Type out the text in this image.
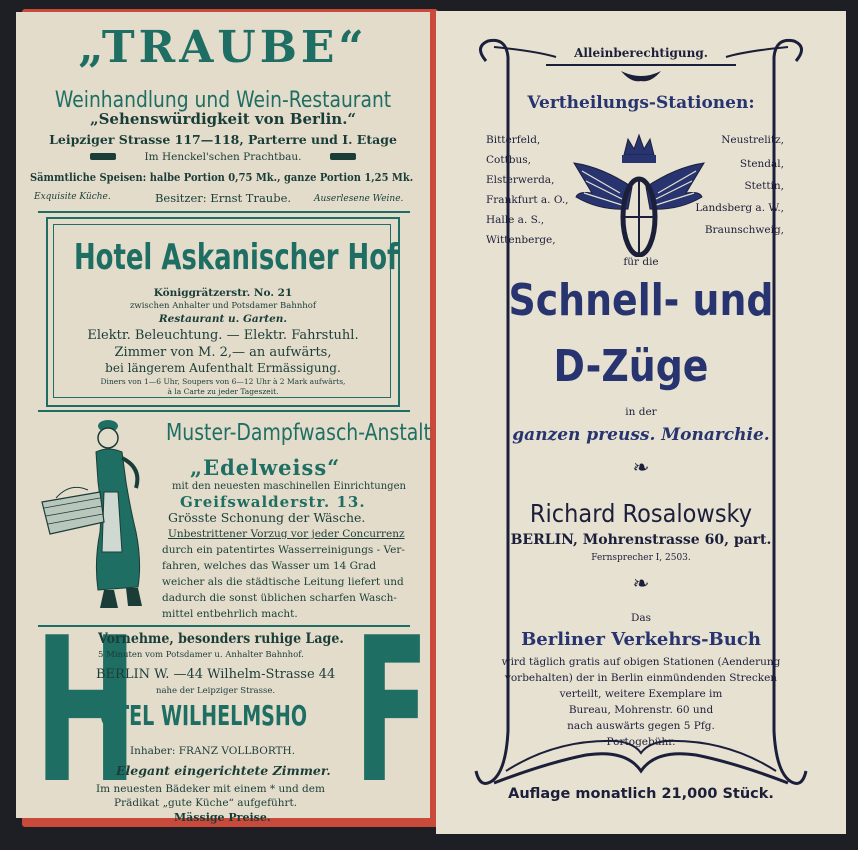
„TRAUBE“

Weinhandlung und Wein-Restaurant

„Sehenswürdigkeit von Berlin.“

Leipziger Strasse 117—118, Parterre und I. Etage

Im Henckel'schen Prachtbau.

Sämmtliche Speisen: halbe Portion 0,75 Mk., ganze Portion 1,25 Mk.

Exquisite Küche.	Besitzer: Ernst Traube.	Auserlesene Weine.

Hotel Askanischer Hof

Königgrätzerstr. No. 21

zwischen Anhalter und Potsdamer Bahnhof

Restaurant u. Garten.

Elektr. Beleuchtung. — Elektr. Fahrstuhl.

Zimmer von M. 2,— an aufwärts,

bei längerem Aufenthalt Ermässigung.

Diners von 1—6 Uhr, Soupers von 6—12 Uhr à 2 Mark aufwärts,

à la Carte zu jeder Tageszeit.

Muster-Dampfwasch-Anstalt

„Edelweiss“

mit den neuesten maschinellen Einrichtungen

Greifswalderstr. 13.

Grösste Schonung der Wäsche.

Unbestrittener Vorzug vor jeder Concurrenz

durch ein patentirtes Wasserreinigungs - Ver-

fahren, welches das Wasser um 14 Grad

weicher als die städtische Leitung liefert und

dadurch die sonst üblichen scharfen Wasch-

mittel entbehrlich macht.

H F

Vornehme, besonders ruhige Lage.

5 Minuten vom Potsdamer u. Anhalter Bahnhof.

BERLIN W. —44 Wilhelm-Strasse 44

nahe der Leipziger Strasse.

OTEL WILHELMSHO

Inhaber: FRANZ VOLLBORTH.

Elegant eingerichtete Zimmer.

Im neuesten Bädeker mit einem * und dem

Prädikat „gute Küche“ aufgeführt.

Mässige Preise.

Alleinberechtigung.

Vertheilungs-Stationen:

Bitterfeld,

Cottbus,

Elsterwerda,

Frankfurt a. O.,

Halle a. S.,

Wittenberge,

Neustrelitz,

Stendal,

Stettin,

Landsberg a. W.,

Braunschweig,

für die

Schnell- und

D-Züge

in der

ganzen preuss. Monarchie.

❧

Richard Rosalowsky

BERLIN, Mohrenstrasse 60, part.

Fernsprecher I, 2503.

❧

Das

Berliner Verkehrs-Buch

wird täglich gratis auf obigen Stationen (Aenderung

vorbehalten) der in Berlin einmündenden Strecken

verteilt, weitere Exemplare im

Bureau, Mohrenstr. 60 und

nach auswärts gegen 5 Pfg.

Portogebühr.

Auflage monatlich 21,000 Stück.
